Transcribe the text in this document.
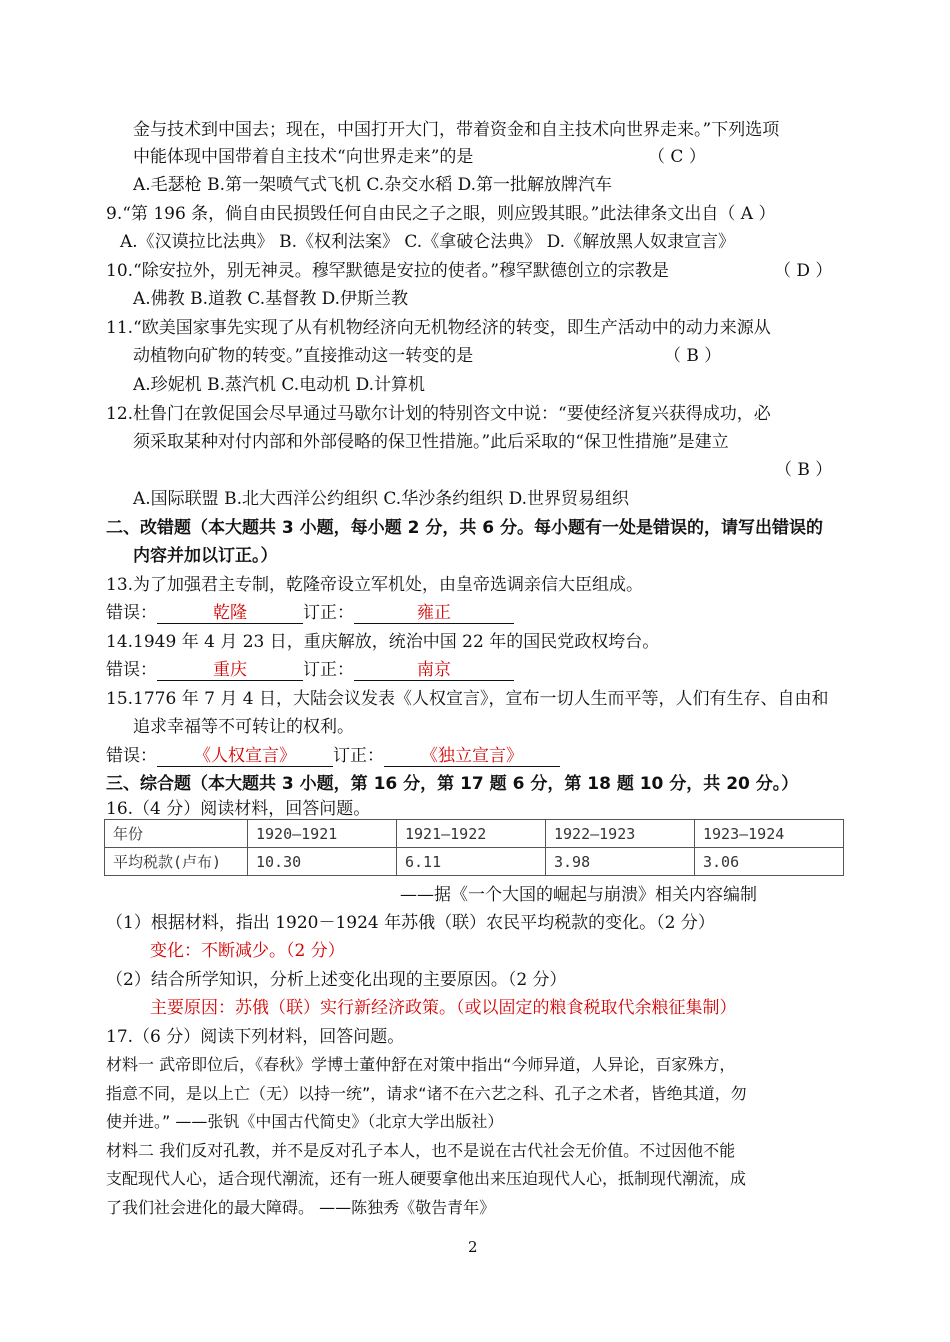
金与技术到中国去；现在，中国打开大门，带着资金和自主技术向世界走来。”下列选项
中能体现中国带着自主技术“向世界走来”的是	（ C ）
A.毛瑟枪 B.第一架喷气式飞机 C.杂交水稻 D.第一批解放牌汽车
9.“第 196 条，倘自由民损毁任何自由民之子之眼，则应毁其眼。”此法律条文出自（ A ）
A.《汉谟拉比法典》 B.《权利法案》 C.《拿破仑法典》 D.《解放黑人奴隶宣言》
10.“除安拉外，别无神灵。穆罕默德是安拉的使者。”穆罕默德创立的宗教是	（ D ）
A.佛教 B.道教 C.基督教 D.伊斯兰教
11.“欧美国家事先实现了从有机物经济向无机物经济的转变，即生产活动中的动力来源从
动植物向矿物的转变。”直接推动这一转变的是	（ B ）
A.珍妮机 B.蒸汽机 C.电动机 D.计算机
12.杜鲁门在敦促国会尽早通过马歇尔计划的特别咨文中说：“要使经济复兴获得成功，必
须采取某种对付内部和外部侵略的保卫性措施。”此后采取的“保卫性措施”是建立
（ B ）
A.国际联盟 B.北大西洋公约组织 C.华沙条约组织 D.世界贸易组织
二、改错题（本大题共 3 小题，每小题 2 分，共 6 分。每小题有一处是错误的，请写出错误的
内容并加以订正。）
13.为了加强君主专制，乾隆帝设立军机处，由皇帝选调亲信大臣组成。
错误：	乾隆	订正：	雍正
14.1949 年 4 月 23 日，重庆解放，统治中国 22 年的国民党政权垮台。
错误：	重庆	订正：	南京
15.1776 年 7 月 4 日，大陆会议发表《人权宣言》，宣布一切人生而平等，人们有生存、自由和
追求幸福等不可转让的权利。
错误： 《人权宣言》 订正： 《独立宣言》
三、综合题（本大题共 3 小题，第 16 分，第 17 题 6 分，第 18 题 10 分，共 20 分。）
16.（4 分）阅读材料，回答问题。
年份	1920—1921	1921—1922	1922—1923	1923—1924
平均税款(卢布)	10.30	6.11	3.98	3.06
——据《一个大国的崛起与崩溃》相关内容编制
（1）根据材料，指出 1920－1924 年苏俄（联）农民平均税款的变化。（2 分）
变化：不断减少。（2 分）
（2）结合所学知识，分析上述变化出现的主要原因。（2 分）
主要原因：苏俄（联）实行新经济政策。（或以固定的粮食税取代余粮征集制）
17.（6 分）阅读下列材料，回答问题。
材料一 武帝即位后，《春秋》学博士董仲舒在对策中指出“今师异道，人异论，百家殊方，
指意不同，是以上亡（无）以持一统”，请求“诸不在六艺之科、孔子之术者，皆绝其道，勿
使并进。” ——张钒《中国古代简史》（北京大学出版社）
材料二 我们反对孔教，并不是反对孔子本人，也不是说在古代社会无价值。不过因他不能
支配现代人心，适合现代潮流，还有一班人硬要拿他出来压迫现代人心，抵制现代潮流，成
了我们社会进化的最大障碍。 ——陈独秀《敬告青年》
2
